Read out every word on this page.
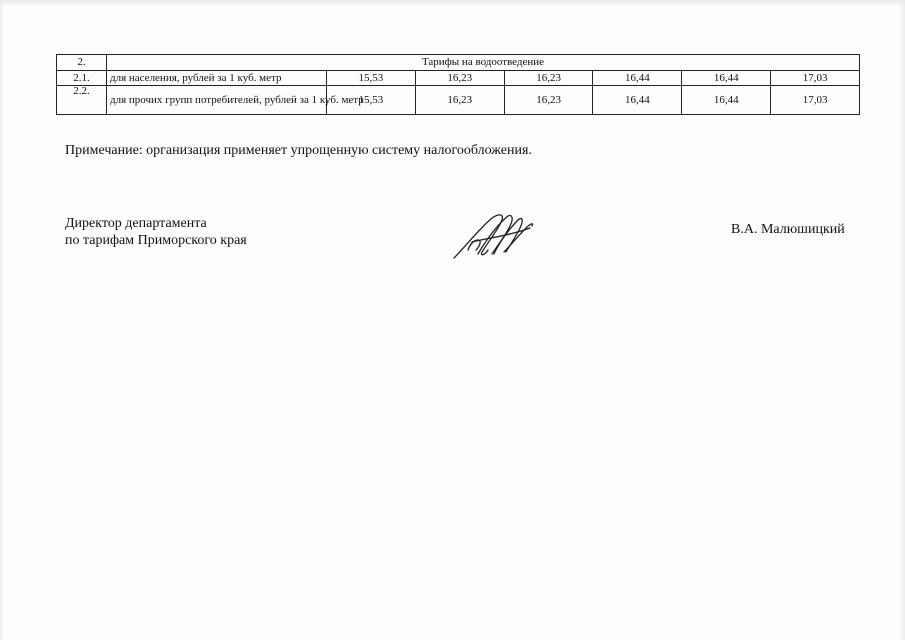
2.	Тарифы на водоотведение						
2.1.	для населения, рублей за 1 куб. метр	15,53	16,23	16,23	16,44	16,44	17,03
2.2.	для прочих групп потребителей, рублей за 1 куб. метр	15,53	16,23	16,23	16,44	16,44	17,03
Примечание: организация применяет упрощенную систему налогообложения.
Директор департамента
по тарифам Приморского края
В.А. Малюшицкий
